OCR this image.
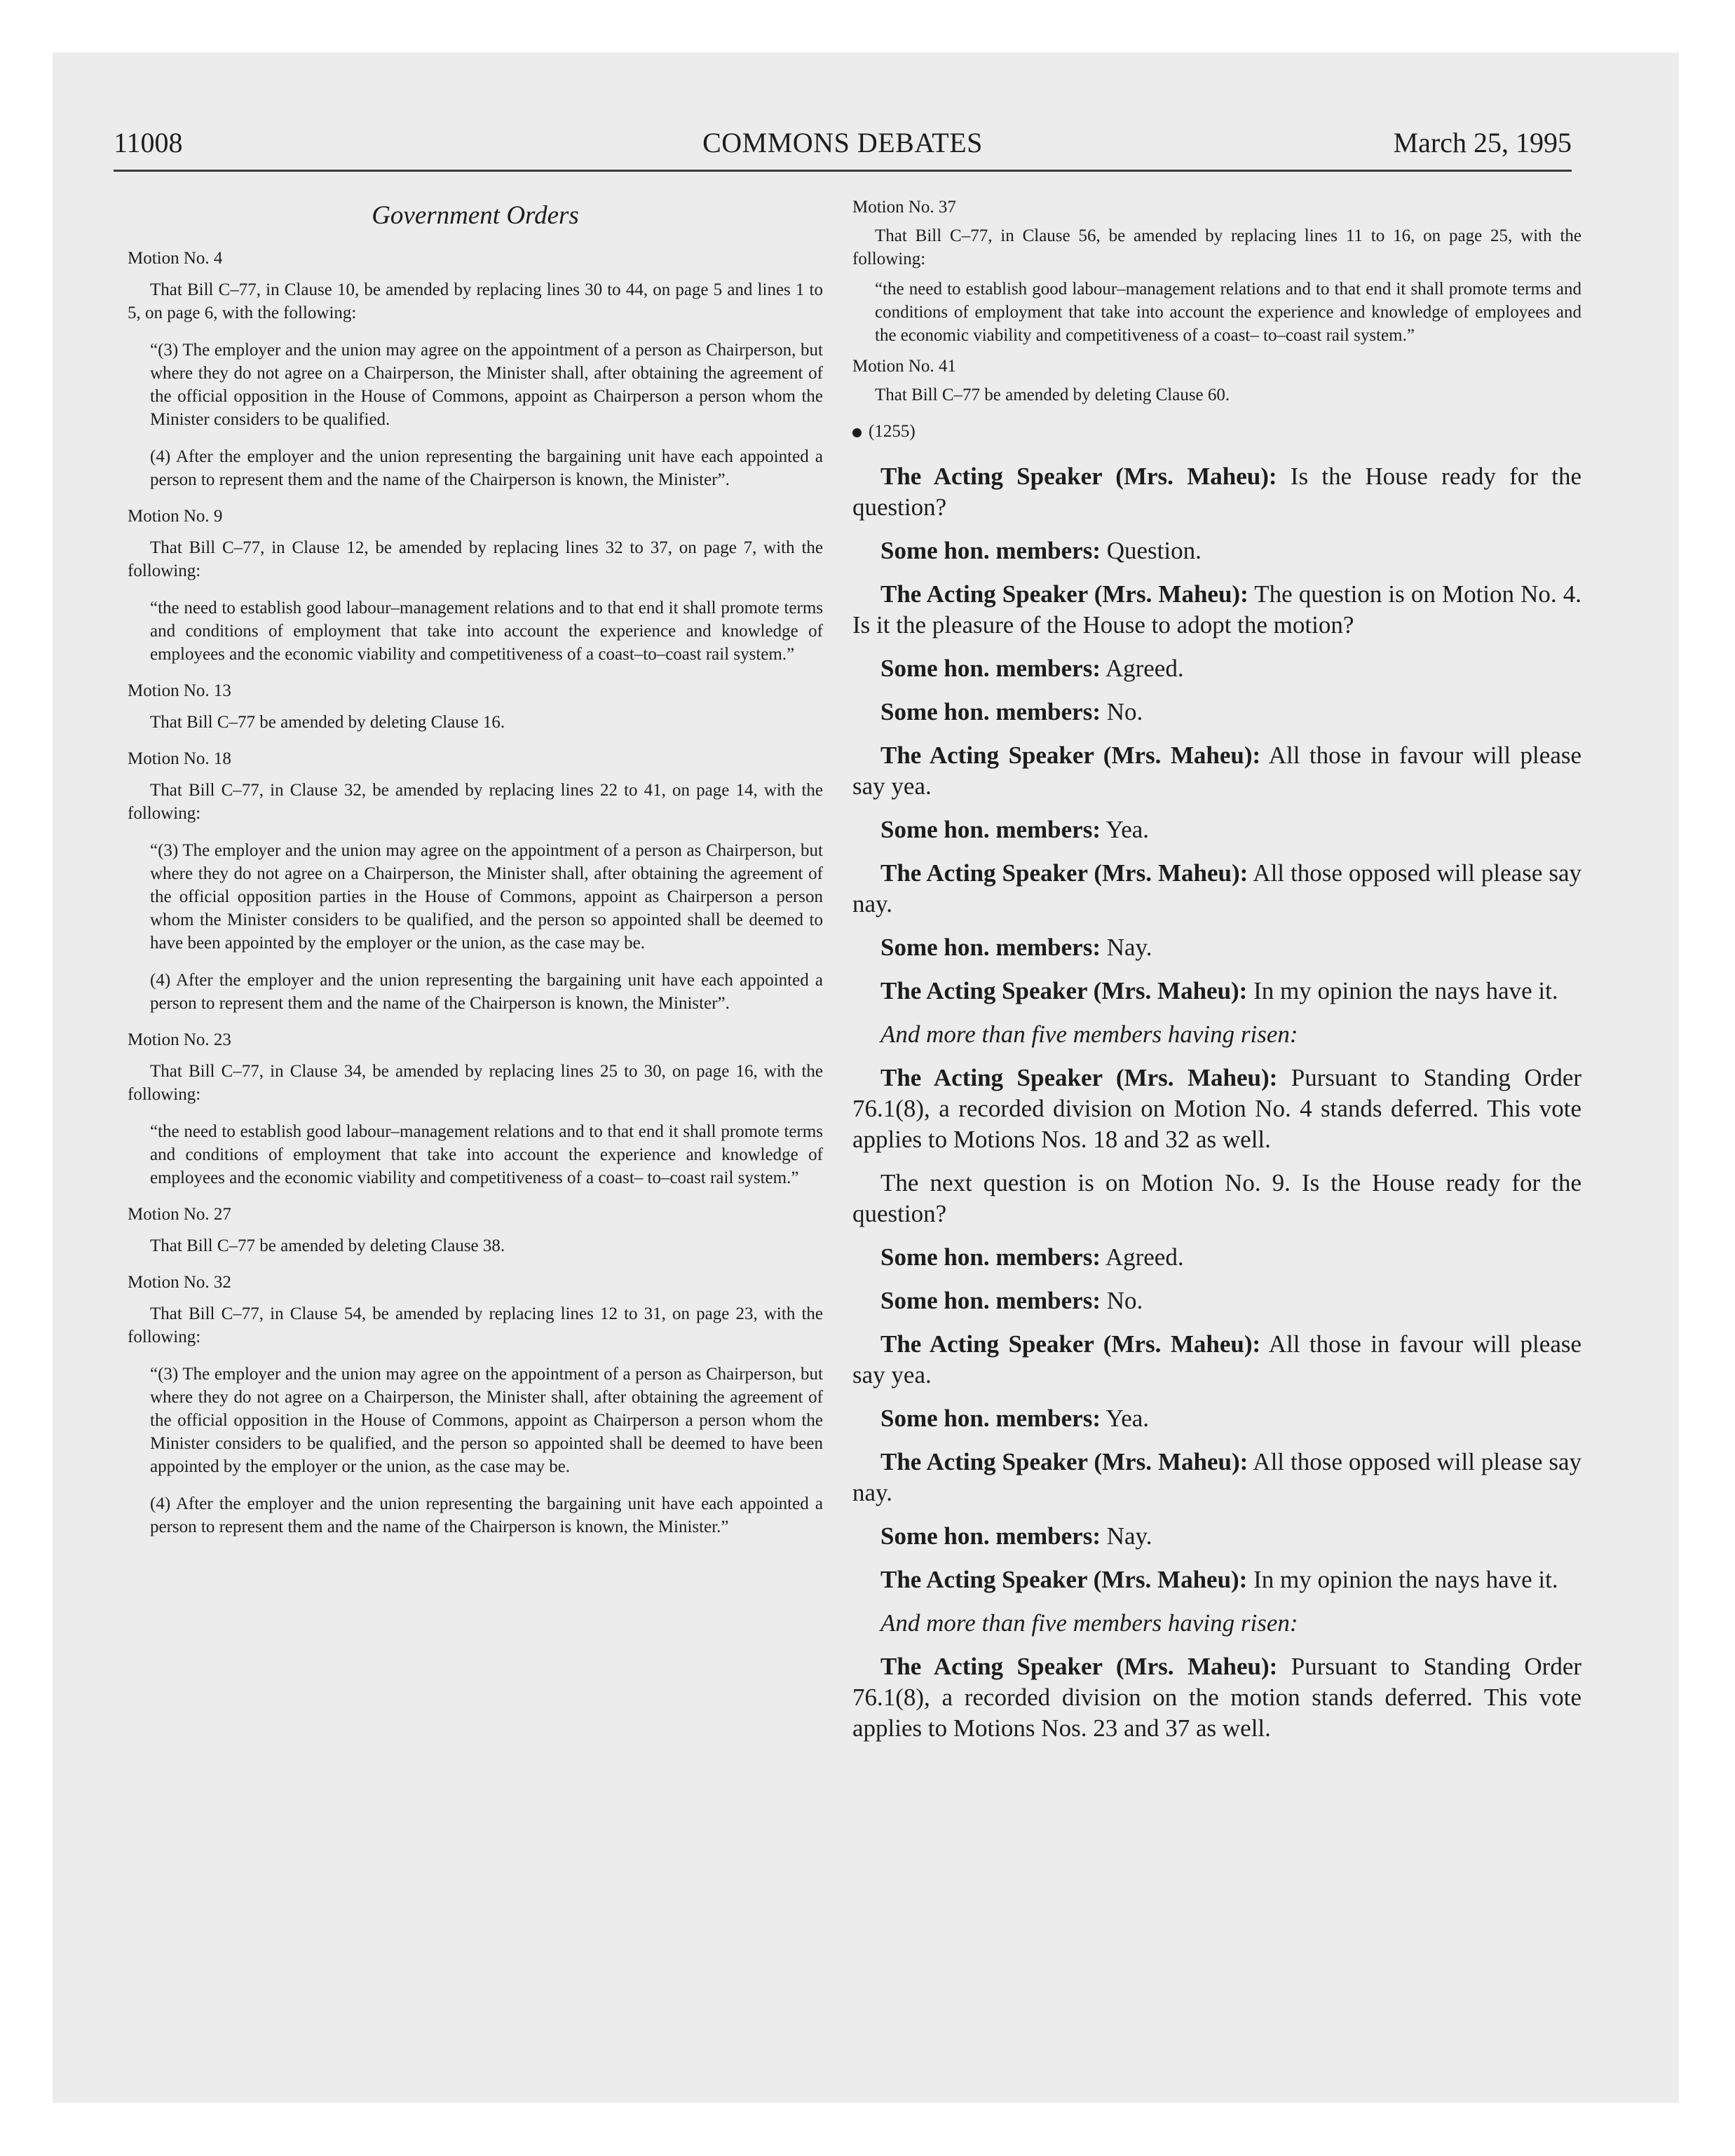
11008	COMMONS DEBATES	March 25, 1995
Government Orders
Motion No. 4

That Bill C–77, in Clause 10, be amended by replacing lines 30 to 44, on page 5 and lines 1 to 5, on page 6, with the following:

“(3) The employer and the union may agree on the appointment of a person as Chairperson, but where they do not agree on a Chairperson, the Minister shall, after obtaining the agreement of the official opposition in the House of Commons, appoint as Chairperson a person whom the Minister considers to be qualified.

(4) After the employer and the union representing the bargaining unit have each appointed a person to represent them and the name of the Chairperson is known, the Minister”.

Motion No. 9

That Bill C–77, in Clause 12, be amended by replacing lines 32 to 37, on page 7, with the following:

“the need to establish good labour–management relations and to that end it shall promote terms and conditions of employment that take into account the experience and knowledge of employees and the economic viability and competitiveness of a coast–to–coast rail system.”

Motion No. 13

That Bill C–77 be amended by deleting Clause 16.

Motion No. 18

That Bill C–77, in Clause 32, be amended by replacing lines 22 to 41, on page 14, with the following:

“(3) The employer and the union may agree on the appointment of a person as Chairperson, but where they do not agree on a Chairperson, the Minister shall, after obtaining the agreement of the official opposition parties in the House of Commons, appoint as Chairperson a person whom the Minister considers to be qualified, and the person so appointed shall be deemed to have been appointed by the employer or the union, as the case may be.

(4) After the employer and the union representing the bargaining unit have each appointed a person to represent them and the name of the Chairperson is known, the Minister”.

Motion No. 23

That Bill C–77, in Clause 34, be amended by replacing lines 25 to 30, on page 16, with the following:

“the need to establish good labour–management relations and to that end it shall promote terms and conditions of employment that take into account the experience and knowledge of employees and the economic viability and competitiveness of a coast– to–coast rail system.”

Motion No. 27

That Bill C–77 be amended by deleting Clause 38.

Motion No. 32

That Bill C–77, in Clause 54, be amended by replacing lines 12 to 31, on page 23, with the following:

“(3) The employer and the union may agree on the appointment of a person as Chairperson, but where they do not agree on a Chairperson, the Minister shall, after obtaining the agreement of the official opposition in the House of Commons, appoint as Chairperson a person whom the Minister considers to be qualified, and the person so appointed shall be deemed to have been appointed by the employer or the union, as the case may be.

(4) After the employer and the union representing the bargaining unit have each appointed a person to represent them and the name of the Chairperson is known, the Minister.”

Motion No. 37

That Bill C–77, in Clause 56, be amended by replacing lines 11 to 16, on page 25, with the following:

“the need to establish good labour–management relations and to that end it shall promote terms and conditions of employment that take into account the experience and knowledge of employees and the economic viability and competitiveness of a coast– to–coast rail system.”

Motion No. 41

That Bill C–77 be amended by deleting Clause 60.

(1255)

The Acting Speaker (Mrs. Maheu): Is the House ready for the question?

Some hon. members: Question.

The Acting Speaker (Mrs. Maheu): The question is on Motion No. 4. Is it the pleasure of the House to adopt the motion?

Some hon. members: Agreed.

Some hon. members: No.

The Acting Speaker (Mrs. Maheu): All those in favour will please say yea.

Some hon. members: Yea.

The Acting Speaker (Mrs. Maheu): All those opposed will please say nay.

Some hon. members: Nay.

The Acting Speaker (Mrs. Maheu): In my opinion the nays have it.

And more than five members having risen:

The Acting Speaker (Mrs. Maheu): Pursuant to Standing Order 76.1(8), a recorded division on Motion No. 4 stands deferred. This vote applies to Motions Nos. 18 and 32 as well.

The next question is on Motion No. 9. Is the House ready for the question?

Some hon. members: Agreed.

Some hon. members: No.

The Acting Speaker (Mrs. Maheu): All those in favour will please say yea.

Some hon. members: Yea.

The Acting Speaker (Mrs. Maheu): All those opposed will please say nay.

Some hon. members: Nay.

The Acting Speaker (Mrs. Maheu): In my opinion the nays have it.

And more than five members having risen:

The Acting Speaker (Mrs. Maheu): Pursuant to Standing Order 76.1(8), a recorded division on the motion stands deferred. This vote applies to Motions Nos. 23 and 37 as well.
